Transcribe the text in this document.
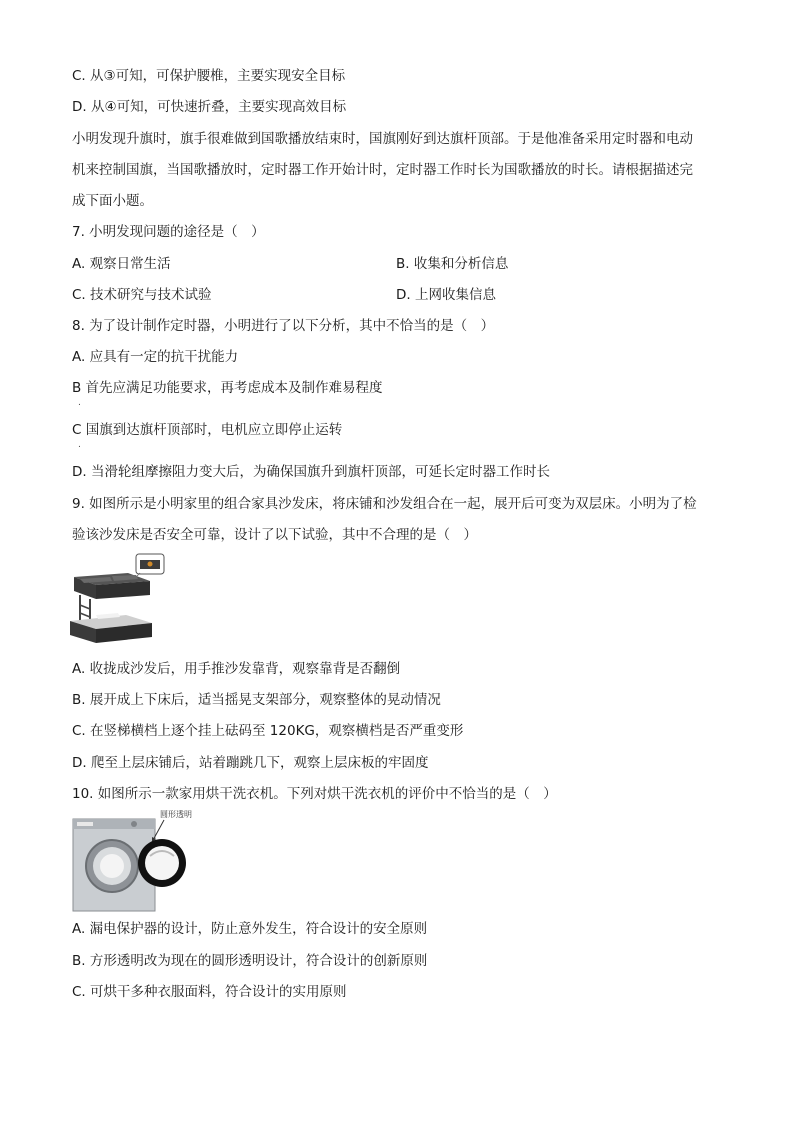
C. 从③可知，可保护腰椎，主要实现安全目标
D. 从④可知，可快速折叠，主要实现高效目标
小明发现升旗时，旗手很难做到国歌播放结束时，国旗刚好到达旗杆顶部。于是他准备采用定时器和电动
机来控制国旗，当国歌播放时，定时器工作开始计时，定时器工作时长为国歌播放的时长。请根据描述完
成下面小题。
7. 小明发现问题的途径是（　）
A. 观察日常生活	B. 收集和分析信息
C. 技术研究与技术试验	D. 上网收集信息
8. 为了设计制作定时器，小明进行了以下分析，其中不恰当的是（　）
A. 应具有一定的抗干扰能力
B 首先应满足功能要求，再考虑成本及制作难易程度
.
C 国旗到达旗杆顶部时，电机应立即停止运转
.
D. 当滑轮组摩擦阻力变大后，为确保国旗升到旗杆顶部，可延长定时器工作时长
9. 如图所示是小明家里的组合家具沙发床，将床铺和沙发组合在一起，展开后可变为双层床。小明为了检
验该沙发床是否安全可靠，设计了以下试验，其中不合理的是（　）
A. 收拢成沙发后，用手推沙发靠背，观察靠背是否翻倒
B. 展开成上下床后，适当摇晃支架部分，观察整体的晃动情况
C. 在竖梯横档上逐个挂上砝码至 120KG，观察横档是否严重变形
D. 爬至上层床铺后，站着蹦跳几下，观察上层床板的牢固度
10. 如图所示一款家用烘干洗衣机。下列对烘干洗衣机的评价中不恰当的是（　）
圆形透明
A. 漏电保护器的设计，防止意外发生，符合设计的安全原则
B. 方形透明改为现在的圆形透明设计，符合设计的创新原则
C. 可烘干多种衣服面料，符合设计的实用原则
